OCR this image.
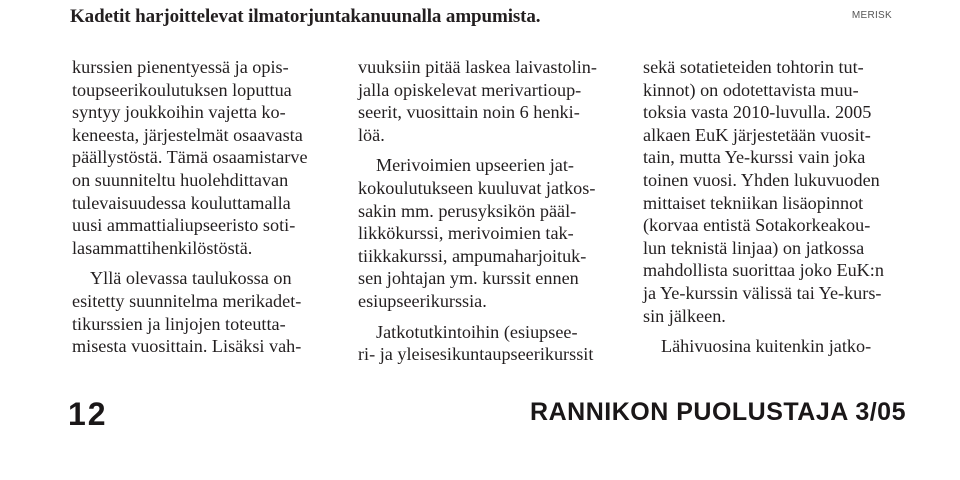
Kadetit harjoittelevat ilmatorjuntakanuunalla ampumista.	MERISK
kurssien pienentyessä ja opis-
toupseerikoulutuksen loputtua
syntyy joukkoihin vajetta ko-
keneesta, järjestelmät osaavasta
päällystöstä. Tämä osaamistarve
on suunniteltu huolehdittavan
tulevaisuudessa kouluttamalla
uusi ammattialiupseeristo soti-
lasammattihenkilöstöstä.
Yllä olevassa taulukossa on
esitetty suunnitelma merikadet-
tikurssien ja linjojen toteutta-
misesta vuosittain. Lisäksi vah-
vuuksiin pitää laskea laivastolin-
jalla opiskelevat merivartioup-
seerit, vuosittain noin 6 henki-
löä.
Merivoimien upseerien jat-
kokoulutukseen kuuluvat jatkos-
sakin mm. perusyksikön pääl-
likkökurssi, merivoimien tak-
tiikkakurssi, ampumaharjoituk-
sen johtajan ym. kurssit ennen
esiupseerikurssia.
Jatkotutkintoihin (esiupsee-
ri- ja yleisesikuntaupseerikurssit
sekä sotatieteiden tohtorin tut-
kinnot) on odotettavista muu-
toksia vasta 2010-luvulla. 2005
alkaen EuK järjestetään vuosit-
tain, mutta Ye-kurssi vain joka
toinen vuosi. Yhden lukuvuoden
mittaiset tekniikan lisäopinnot
(korvaa entistä Sotakorkeakou-
lun teknistä linjaa) on jatkossa
mahdollista suorittaa joko EuK:n
ja Ye-kurssin välissä tai Ye-kurs-
sin jälkeen.
Lähivuosina kuitenkin jatko-
12	RANNIKON PUOLUSTAJA 3/05
